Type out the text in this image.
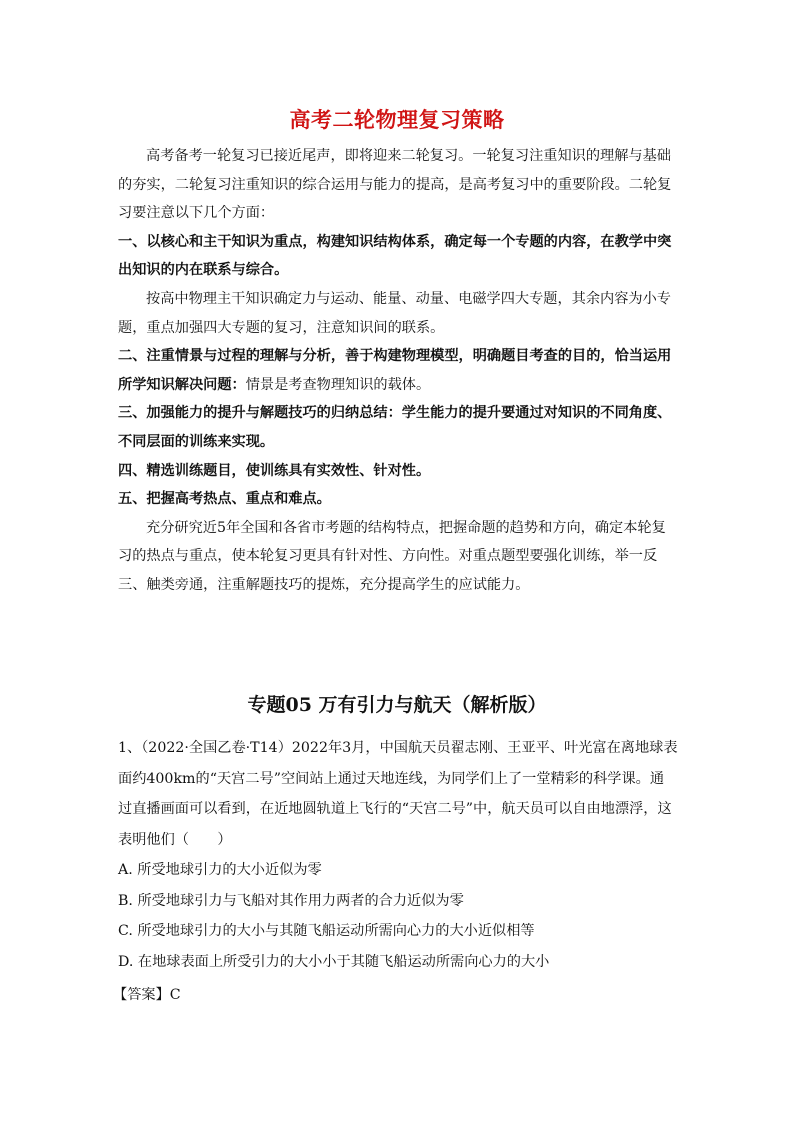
高考二轮物理复习策略

高考备考一轮复习已接近尾声，即将迎来二轮复习。一轮复习注重知识的理解与基础的夯实，二轮复习注重知识的综合运用与能力的提高，是高考复习中的重要阶段。二轮复习要注意以下几个方面：

一、以核心和主干知识为重点，构建知识结构体系，确定每一个专题的内容，在教学中突出知识的内在联系与综合。

按高中物理主干知识确定力与运动、能量、动量、电磁学四大专题，其余内容为小专题，重点加强四大专题的复习，注意知识间的联系。

二、注重情景与过程的理解与分析，善于构建物理模型，明确题目考查的目的，恰当运用所学知识解决问题：情景是考查物理知识的载体。

三、加强能力的提升与解题技巧的归纳总结：学生能力的提升要通过对知识的不同角度、不同层面的训练来实现。

四、精选训练题目，使训练具有实效性、针对性。

五、把握高考热点、重点和难点。

充分研究近5年全国和各省市考题的结构特点，把握命题的趋势和方向，确定本轮复习的热点与重点，使本轮复习更具有针对性、方向性。对重点题型要强化训练，举一反三、触类旁通，注重解题技巧的提炼，充分提高学生的应试能力。

专题05 万有引力与航天（解析版）

1、（2022·全国乙卷·T14）2022年3月，中国航天员翟志刚、王亚平、叶光富在离地球表面约400km的“天宫二号”空间站上通过天地连线，为同学们上了一堂精彩的科学课。通过直播画面可以看到，在近地圆轨道上飞行的“天宫二号”中，航天员可以自由地漂浮，这表明他们（　　）

A. 所受地球引力的大小近似为零

B. 所受地球引力与飞船对其作用力两者的合力近似为零

C. 所受地球引力的大小与其随飞船运动所需向心力的大小近似相等

D. 在地球表面上所受引力的大小小于其随飞船运动所需向心力的大小

【答案】C
